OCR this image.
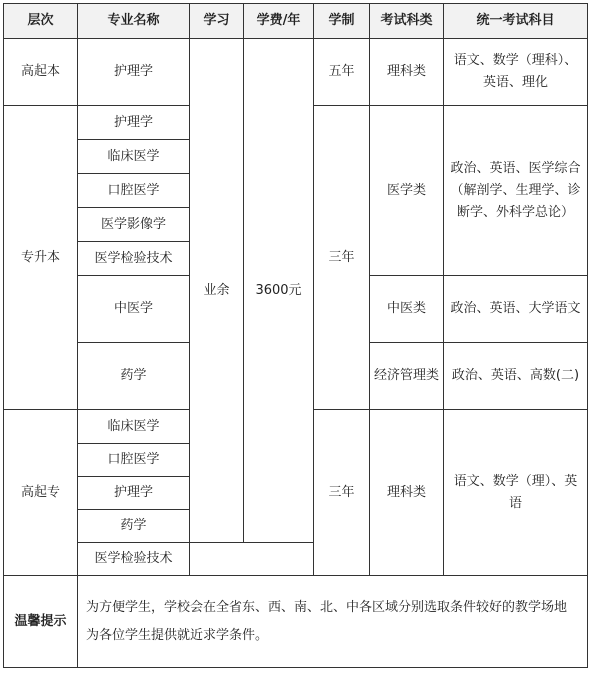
层次	专业名称	学习	学费/年	学制	考试科类	统一考试科目
高起本	护理学	业余	3600元	五年	理科类	语文、数学（理科）、英语、理化
专升本	护理学			三年	医学类	政治、英语、医学综合（解剖学、生理学、诊断学、外科学总论）
	临床医学					
	口腔医学					
	医学影像学					
	医学检验技术					
	中医学				中医类	政治、英语、大学语文
	药学				经济管理类	政治、英语、高数(二)
高起专	临床医学			三年	理科类	语文、数学（理）、英语
	口腔医学					
	护理学					
	药学					
	医学检验技术					
温馨提示	为方便学生，学校会在全省东、西、南、北、中各区域分别选取条件较好的教学场地为各位学生提供就近求学条件。					
